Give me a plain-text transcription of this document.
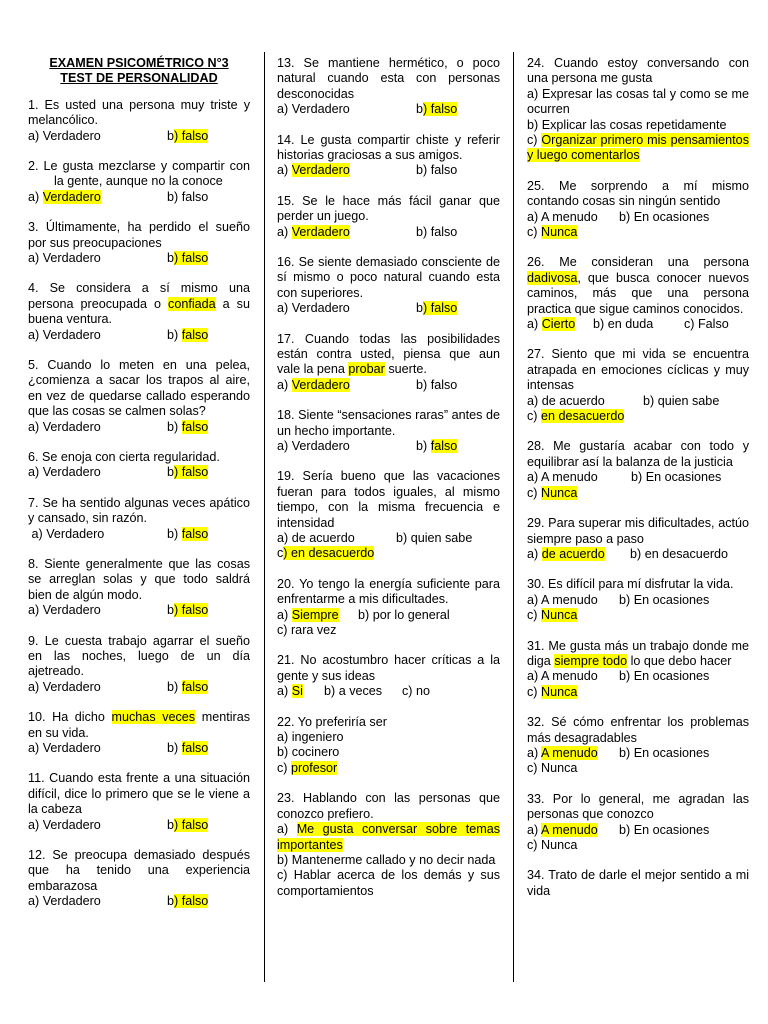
EXAMEN PSICOMÉTRICO N°3
TEST DE PERSONALIDAD
1. Es usted una persona muy triste y melancólico.
a) Verdadero	b) falso
2. Le gusta mezclarse y compartir con la gente, aunque no la conoce
a) Verdadero	b) falso
3. Últimamente, ha perdido el sueño por sus preocupaciones
a) Verdadero	b) falso
4. Se considera a sí mismo una persona preocupada o confiada a su buena ventura.
a) Verdadero	b) falso
5. Cuando lo meten en una pelea, ¿comienza a sacar los trapos al aire, en vez de quedarse callado esperando que las cosas se calmen solas?
a) Verdadero	b) falso
6. Se enoja con cierta regularidad.
a) Verdadero	b) falso
7. Se ha sentido algunas veces apático y cansado, sin razón.
a) Verdadero	b) falso
8. Siente generalmente que las cosas se arreglan solas y que todo saldrá bien de algún modo.
a) Verdadero	b) falso
9. Le cuesta trabajo agarrar el sueño en las noches, luego de un día ajetreado.
a) Verdadero	b) falso
10. Ha dicho muchas veces mentiras en su vida.
a) Verdadero	b) falso
11. Cuando esta frente a una situación difícil, dice lo primero que se le viene a la cabeza
a) Verdadero	b) falso
12. Se preocupa demasiado después que ha tenido una experiencia embarazosa
a) Verdadero	b) falso
13. Se mantiene hermético, o poco natural cuando esta con personas desconocidas
a) Verdadero	b) falso
14. Le gusta compartir chiste y referir historias graciosas a sus amigos.
a) Verdadero	b) falso
15. Se le hace más fácil ganar que perder un juego.
a) Verdadero	b) falso
16. Se siente demasiado consciente de sí mismo o poco natural cuando esta con superiores.
a) Verdadero	b) falso
17. Cuando todas las posibilidades están contra usted, piensa que aun vale la pena probar suerte.
a) Verdadero	b) falso
18. Siente “sensaciones raras” antes de un hecho importante.
a) Verdadero	b) falso
19. Sería bueno que las vacaciones fueran para todos iguales, al mismo tiempo, con la misma frecuencia e intensidad
a) de acuerdo	b) quien sabe
c) en desacuerdo
20. Yo tengo la energía suficiente para enfrentarme a mis dificultades.
a) Siempre b) por lo general
c) rara vez
21. No acostumbro hacer críticas a la gente y sus ideas
a) Si b) a veces c) no
22. Yo preferiría ser
a) ingeniero
b) cocinero
c) profesor
23. Hablando con las personas que conozco prefiero.
a) Me gusta conversar sobre temas importantes
b) Mantenerme callado y no decir nada
c) Hablar acerca de los demás y sus comportamientos
24. Cuando estoy conversando con una persona me gusta
a) Expresar las cosas tal y como se me ocurren
b) Explicar las cosas repetidamente
c) Organizar primero mis pensamientos y luego comentarlos
25. Me sorprendo a mí mismo contando cosas sin ningún sentido
a) A menudo b) En ocasiones
c) Nunca
26. Me consideran una persona dadivosa, que busca conocer nuevos caminos, más que una persona practica que sigue caminos conocidos.
a) Cierto b) en duda c) Falso
27. Siento que mi vida se encuentra atrapada en emociones cíclicas y muy intensas
a) de acuerdo	b) quien sabe
c) en desacuerdo
28. Me gustaría acabar con todo y equilibrar así la balanza de la justicia
a) A menudo	b) En ocasiones
c) Nunca
29. Para superar mis dificultades, actúo siempre paso a paso
a) de acuerdo b) en desacuerdo
30. Es difícil para mí disfrutar la vida.
a) A menudo b) En ocasiones
c) Nunca
31. Me gusta más un trabajo donde me diga siempre todo lo que debo hacer
a) A menudo b) En ocasiones
c) Nunca
32. Sé cómo enfrentar los problemas más desagradables
a) A menudo b) En ocasiones
c) Nunca
33. Por lo general, me agradan las personas que conozco
a) A menudo b) En ocasiones
c) Nunca
34. Trato de darle el mejor sentido a mi vida
